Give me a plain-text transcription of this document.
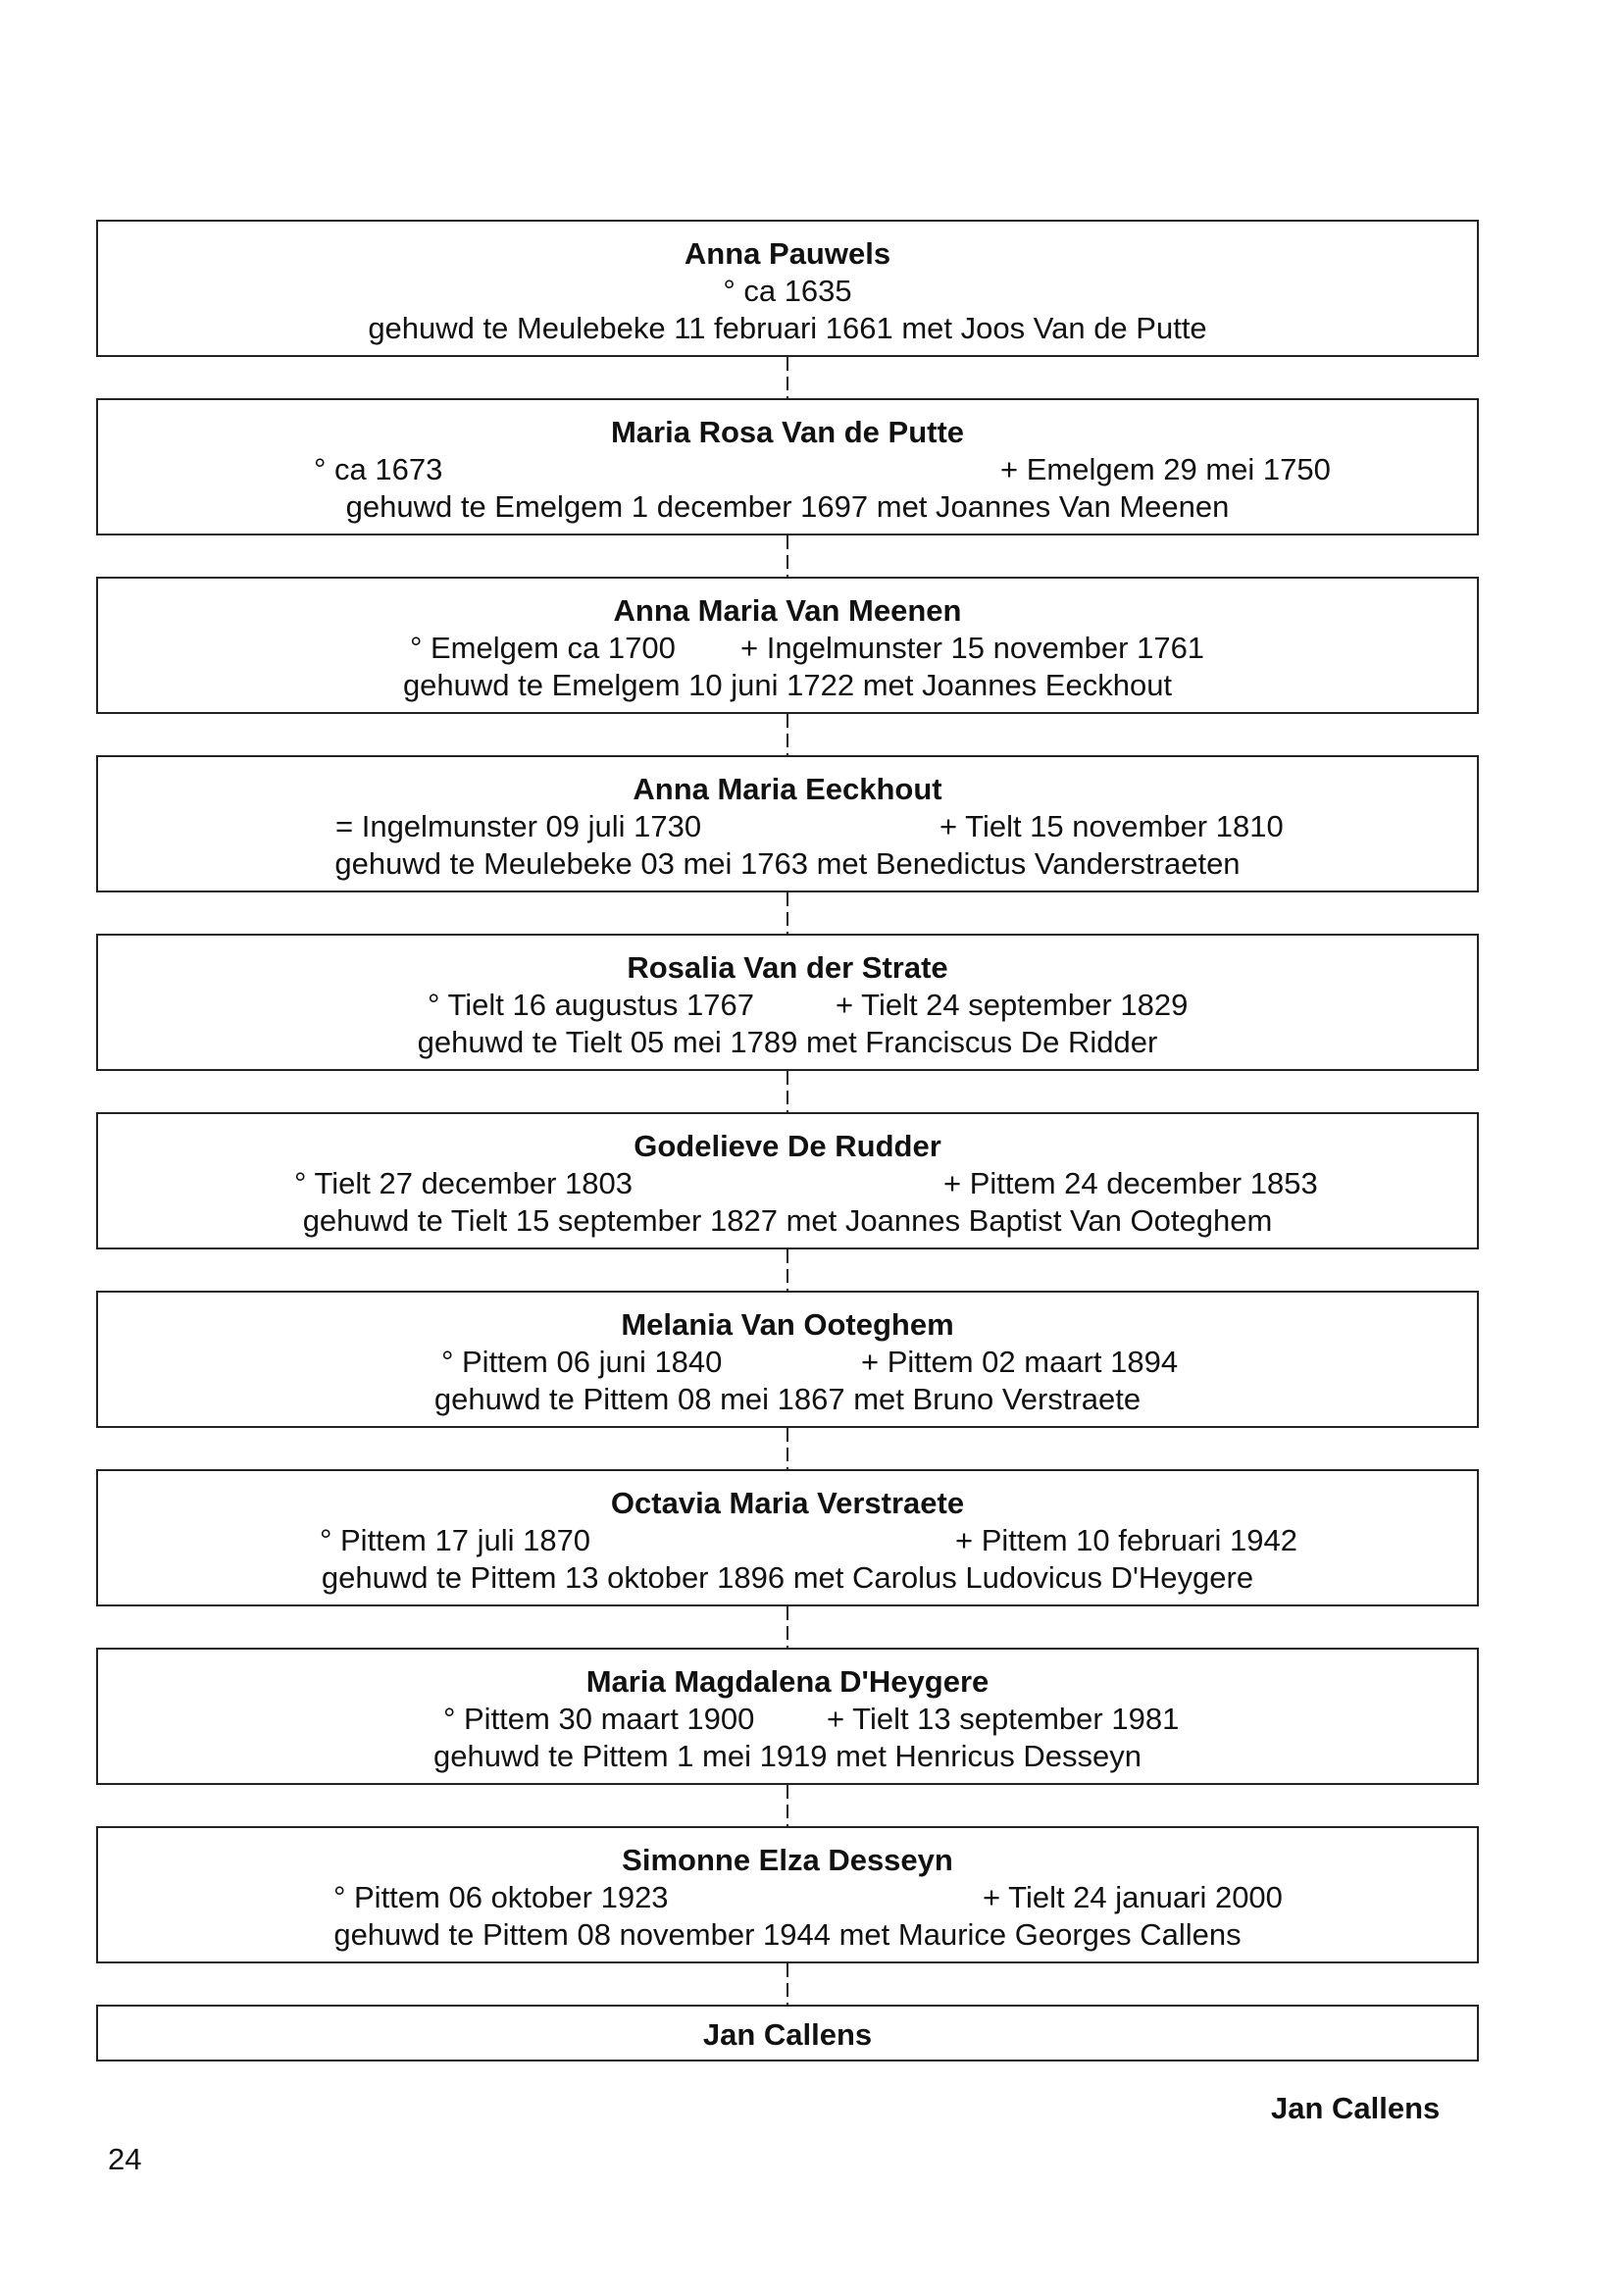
Anna Pauwels
° ca 1635
gehuwd te Meulebeke 11 februari 1661 met Joos Van de Putte
Maria Rosa Van de Putte
° ca 1673	+ Emelgem 29 mei 1750
gehuwd te Emelgem 1 december 1697 met Joannes Van Meenen
Anna Maria Van Meenen
° Emelgem ca 1700 + Ingelmunster 15 november 1761
gehuwd te Emelgem 10 juni 1722 met Joannes Eeckhout
Anna Maria Eeckhout
= Ingelmunster 09 juli 1730	+ Tielt 15 november 1810
gehuwd te Meulebeke 03 mei 1763 met Benedictus Vanderstraeten
Rosalia Van der Strate
° Tielt 16 augustus 1767	+ Tielt 24 september 1829
gehuwd te Tielt 05 mei 1789 met Franciscus De Ridder
Godelieve De Rudder
° Tielt 27 december 1803	+ Pittem 24 december 1853
gehuwd te Tielt 15 september 1827 met Joannes Baptist Van Ooteghem
Melania Van Ooteghem
° Pittem 06 juni 1840	+ Pittem 02 maart 1894
gehuwd te Pittem 08 mei 1867 met Bruno Verstraete
Octavia Maria Verstraete
° Pittem 17 juli 1870	+ Pittem 10 februari 1942
gehuwd te Pittem 13 oktober 1896 met Carolus Ludovicus D'Heygere
Maria Magdalena D'Heygere
° Pittem 30 maart 1900 + Tielt 13 september 1981
gehuwd te Pittem 1 mei 1919 met Henricus Desseyn
Simonne Elza Desseyn
° Pittem 06 oktober 1923	+ Tielt 24 januari 2000
gehuwd te Pittem 08 november 1944 met Maurice Georges Callens
Jan Callens
Jan Callens
24
